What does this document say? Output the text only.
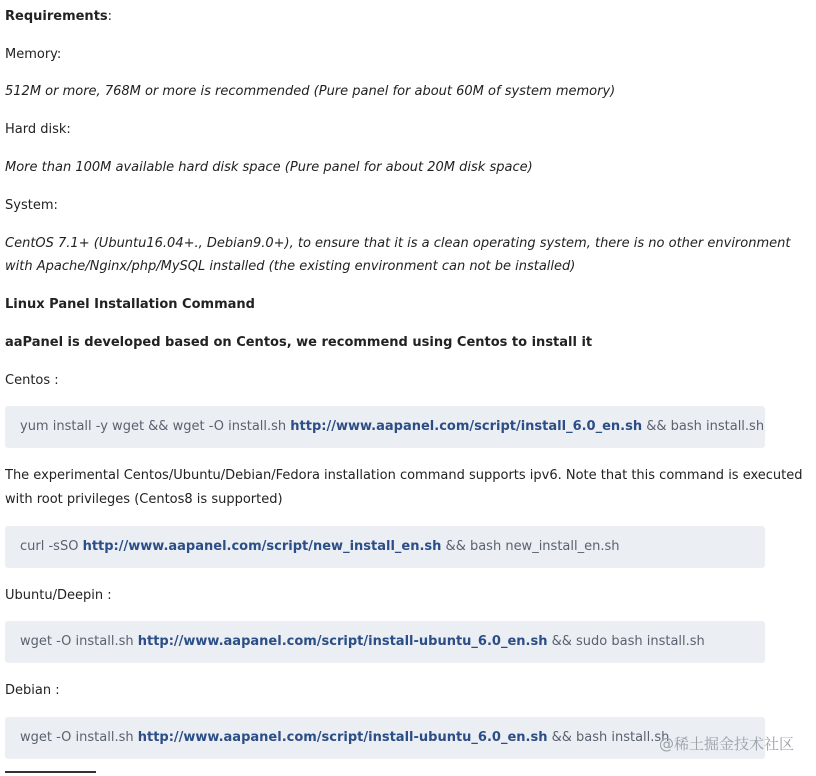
Requirements:
Memory:
512M or more, 768M or more is recommended (Pure panel for about 60M of system memory)
Hard disk:
More than 100M available hard disk space (Pure panel for about 20M disk space)
System:
CentOS 7.1+ (Ubuntu16.04+., Debian9.0+), to ensure that it is a clean operating system, there is no other environment
with Apache/Nginx/php/MySQL installed (the existing environment can not be installed)
Linux Panel Installation Command
aaPanel is developed based on Centos, we recommend using Centos to install it
Centos :
yum install -y wget && wget -O install.sh http://www.aapanel.com/script/install_6.0_en.sh && bash install.sh
The experimental Centos/Ubuntu/Debian/Fedora installation command supports ipv6. Note that this command is executed
with root privileges (Centos8 is supported)
curl -sSO http://www.aapanel.com/script/new_install_en.sh && bash new_install_en.sh
Ubuntu/Deepin :
wget -O install.sh http://www.aapanel.com/script/install-ubuntu_6.0_en.sh && sudo bash install.sh
Debian :
wget -O install.sh http://www.aapanel.com/script/install-ubuntu_6.0_en.sh && bash install.sh
@稀土掘金技术社区
